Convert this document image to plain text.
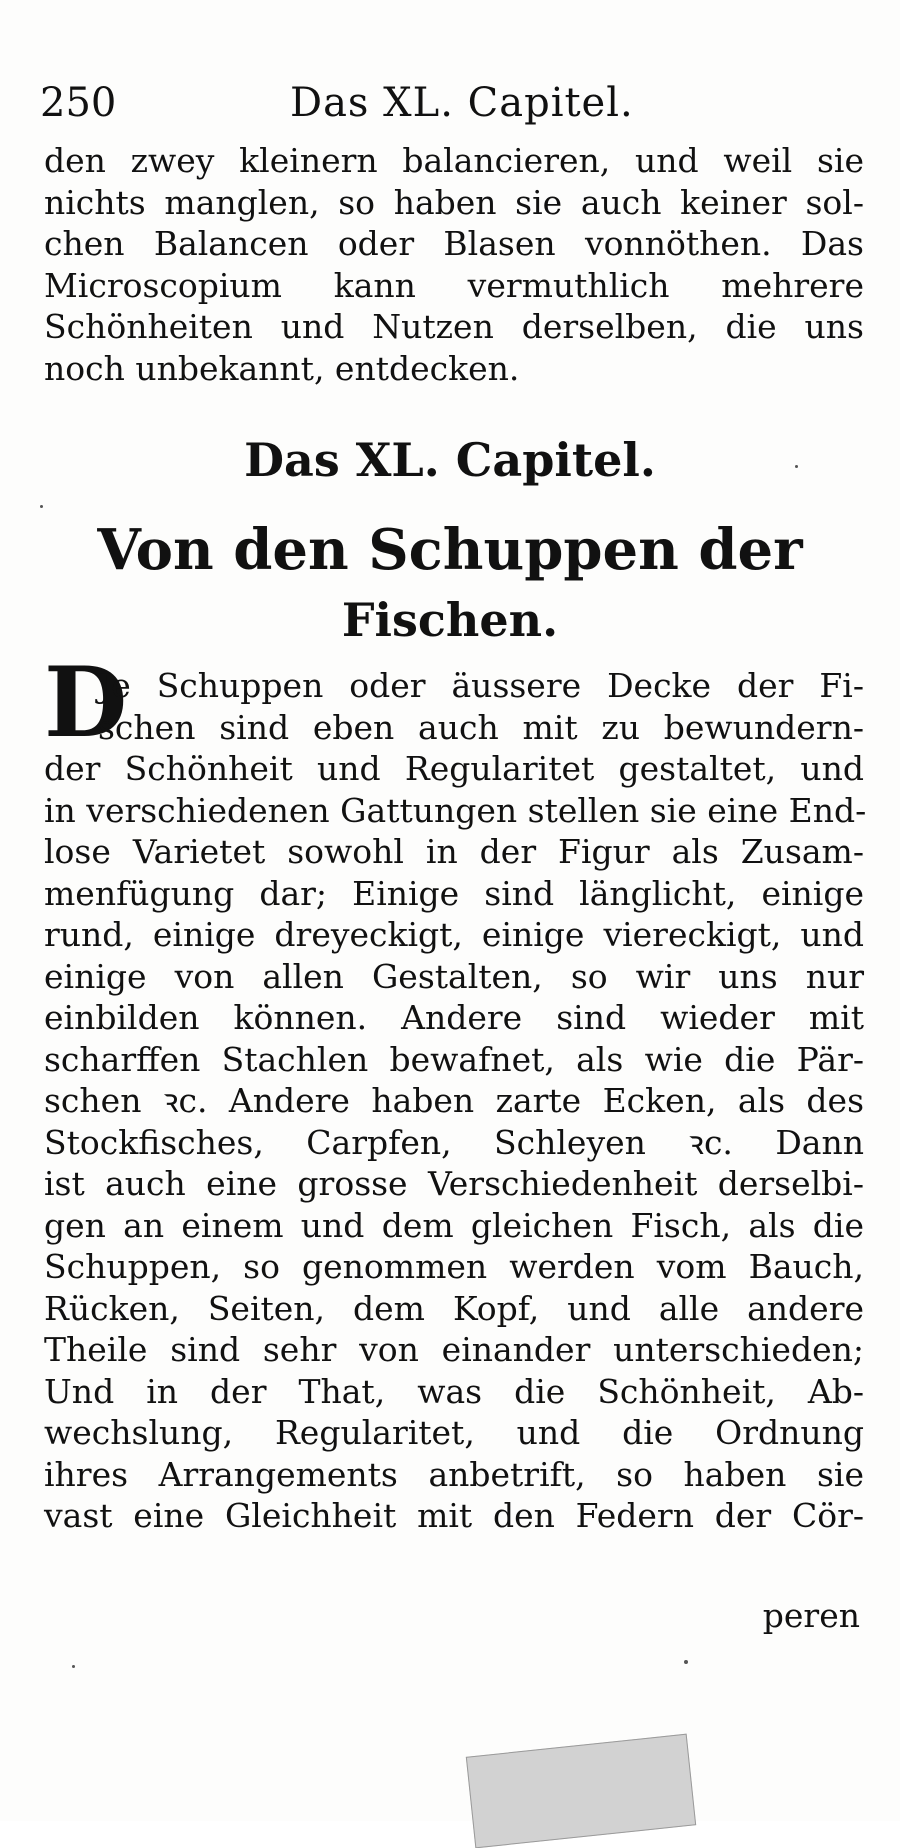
250	Das XL. Capitel.
den zwey kleinern balancieren, und weil sie
nichts manglen, so haben sie auch keiner sol-
chen Balancen oder Blasen vonnöthen. Das
Microscopium kann vermuthlich mehrere
Schönheiten und Nutzen derselben, die uns
noch unbekannt, entdecken.
Das XL. Capitel.
Von den Schuppen der
Fischen.
D
Je Schuppen oder äussere Decke der Fi-
schen sind eben auch mit zu bewundern-
der Schönheit und Regularitet gestaltet, und
in verschiedenen Gattungen stellen sie eine End-
lose Varietet sowohl in der Figur als Zusam-
menfügung dar; Einige sind länglicht, einige
rund, einige dreyeckigt, einige viereckigt, und
einige von allen Gestalten, so wir uns nur
einbilden können. Andere sind wieder mit
scharffen Stachlen bewafnet, als wie die Pär-
schen ꝛc. Andere haben zarte Ecken, als des
Stockfisches, Carpfen, Schleyen ꝛc. Dann
ist auch eine grosse Verschiedenheit derselbi-
gen an einem und dem gleichen Fisch, als die
Schuppen, so genommen werden vom Bauch,
Rücken, Seiten, dem Kopf, und alle andere
Theile sind sehr von einander unterschieden;
Und in der That, was die Schönheit, Ab-
wechslung, Regularitet, und die Ordnung
ihres Arrangements anbetrift, so haben sie
vast eine Gleichheit mit den Federn der Cör-
peren
